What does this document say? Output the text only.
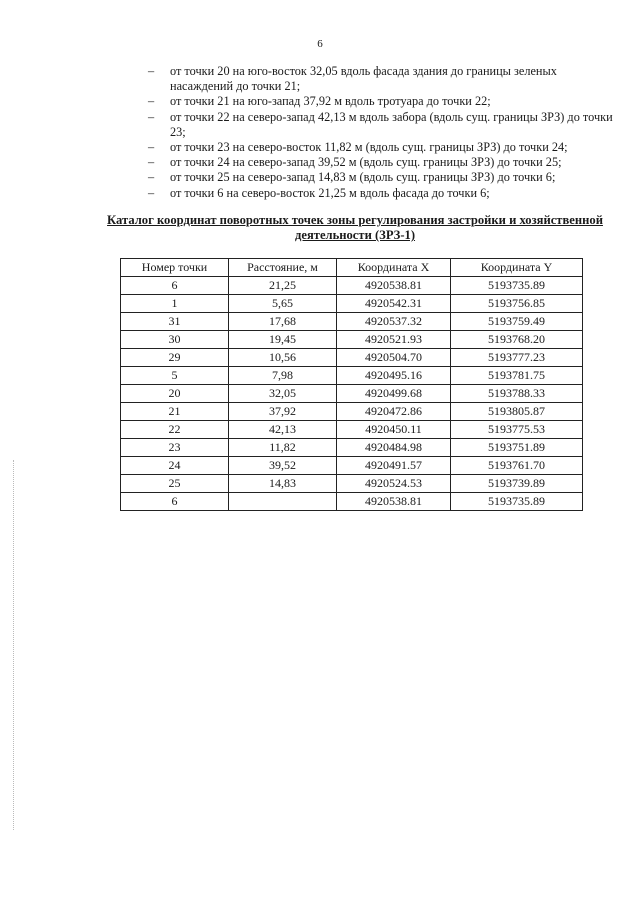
6
– от точки 20 на юго-восток 32,05 вдоль фасада здания до границы зеленых насаждений до точки 21;
– от точки 21 на юго-запад 37,92 м вдоль тротуара до точки 22;
– от точки 22 на северо-запад 42,13 м вдоль забора (вдоль сущ. границы ЗРЗ) до точки 23;
– от точки 23 на северо-восток 11,82 м (вдоль сущ. границы ЗРЗ) до точки 24;
– от точки 24 на северо-запад 39,52 м (вдоль сущ. границы ЗРЗ) до точки 25;
– от точки 25 на северо-запад 14,83 м (вдоль сущ. границы ЗРЗ) до точки 6;
– от точки 6 на северо-восток 21,25 м вдоль фасада до точки 6;
Каталог координат поворотных точек зоны регулирования застройки и хозяйственной деятельности (ЗРЗ-1)
Номер точки	Расстояние, м	Координата X	Координата Y
6	21,25	4920538.81	5193735.89
1	5,65	4920542.31	5193756.85
31	17,68	4920537.32	5193759.49
30	19,45	4920521.93	5193768.20
29	10,56	4920504.70	5193777.23
5	7,98	4920495.16	5193781.75
20	32,05	4920499.68	5193788.33
21	37,92	4920472.86	5193805.87
22	42,13	4920450.11	5193775.53
23	11,82	4920484.98	5193751.89
24	39,52	4920491.57	5193761.70
25	14,83	4920524.53	5193739.89
6		4920538.81	5193735.89
